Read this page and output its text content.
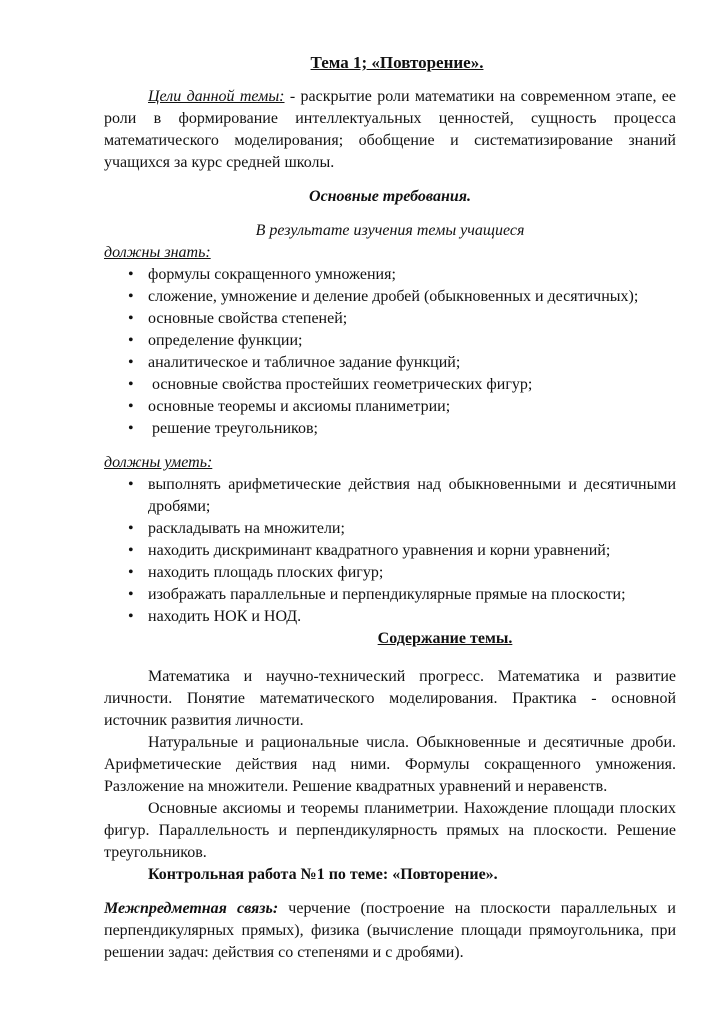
Тема 1; «Повторение».

Цели данной темы: - раскрытие роли математики на современном этапе, ее роли в формирование интеллектуальных ценностей, сущность процесса математического моделирования; обобщение и систематизирование знаний учащихся за курс средней школы.

Основные требования.

В результате изучения темы учащиеся

должны знать:

• формулы сокращенного умножения;
• сложение, умножение и деление дробей (обыкновенных и десятичных);
• основные свойства степеней;
• определение функции;
• аналитическое и табличное задание функций;
• основные свойства простейших геометрических фигур;
• основные теоремы и аксиомы планиметрии;
• решение треугольников;

должны уметь:

• выполнять арифметические действия над обыкновенными и десятичными дробями;
• раскладывать на множители;
• находить дискриминант квадратного уравнения и корни уравнений;
• находить площадь плоских фигур;
• изображать параллельные и перпендикулярные прямые на плоскости;
• находить НОК и НОД.

Содержание темы.

Математика и научно-технический прогресс. Математика и развитие личности. Понятие математического моделирования. Практика - основной источник развития личности.

Натуральные и рациональные числа. Обыкновенные и десятичные дроби. Арифметические действия над ними. Формулы сокращенного умножения. Разложение на множители. Решение квадратных уравнений и неравенств.

Основные аксиомы и теоремы планиметрии. Нахождение площади плоских фигур. Параллельность и перпендикулярность прямых на плоскости. Решение треугольников.

Контрольная работа №1 по теме: «Повторение».

Межпредметная связь: черчение (построение на плоскости параллельных и перпендикулярных прямых), физика (вычисление площади прямоугольника, при решении задач: действия со степенями и с дробями).
